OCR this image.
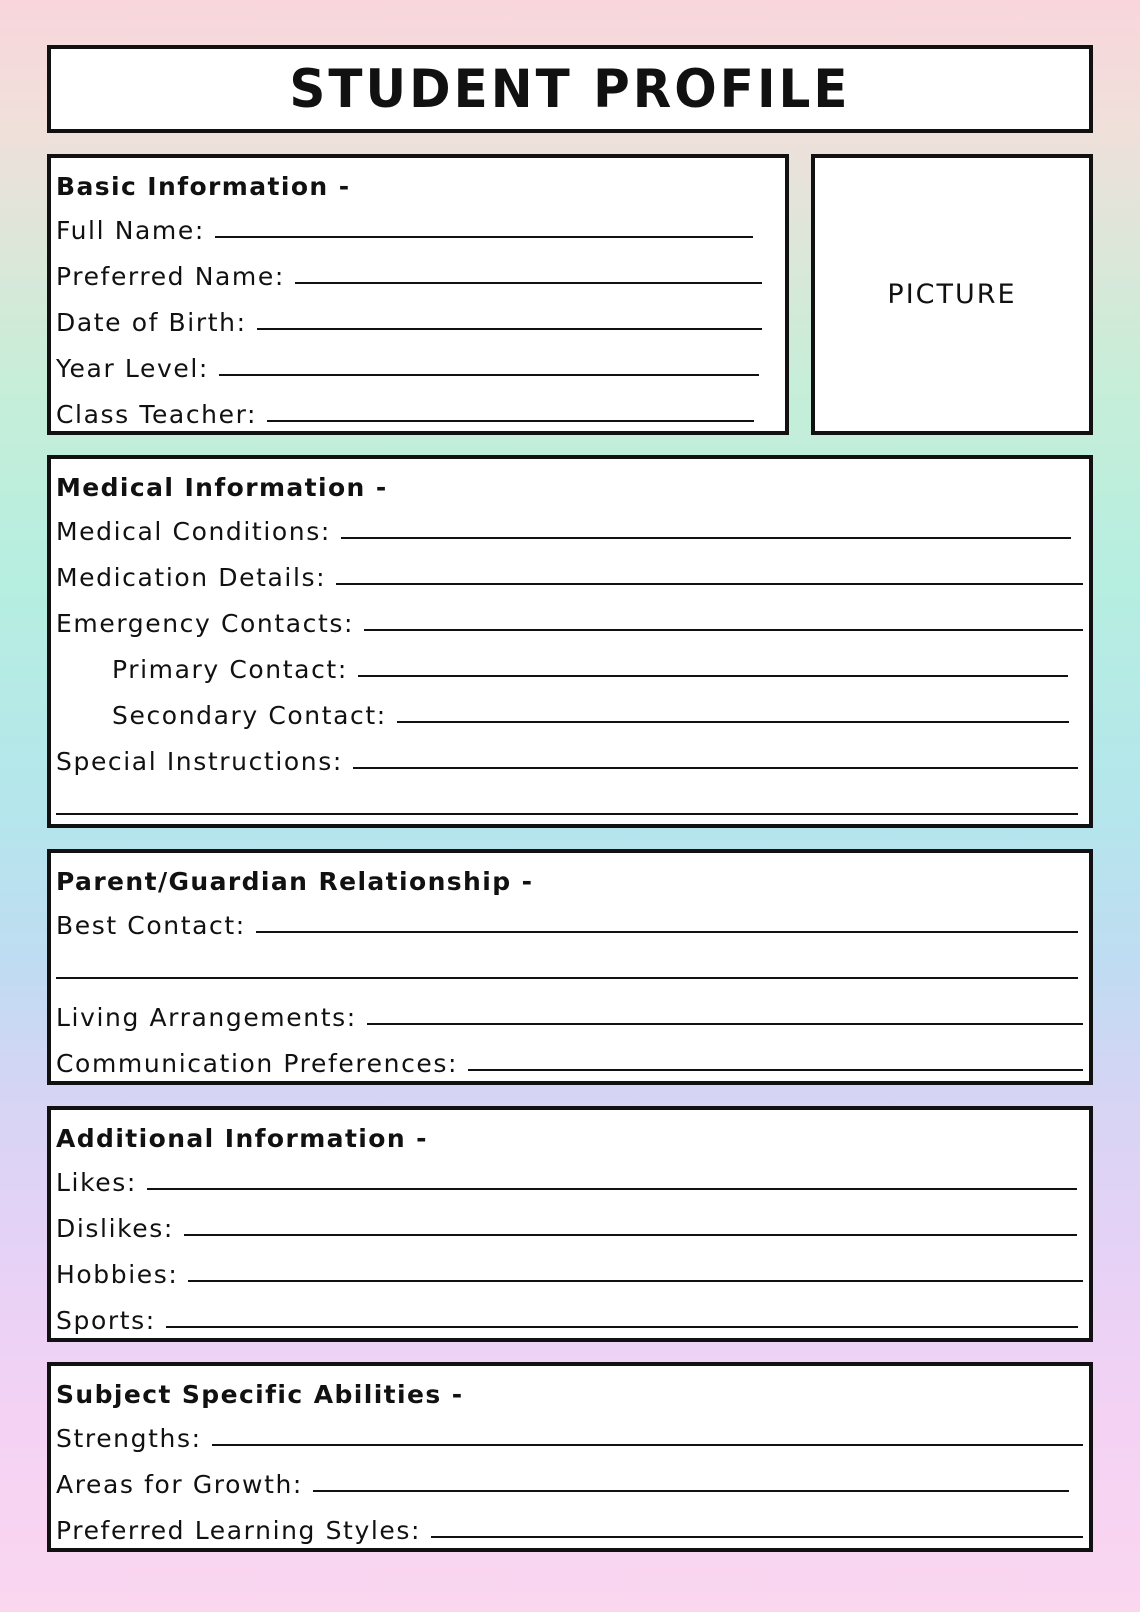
STUDENT PROFILE
Basic Information -
Full Name:
Preferred Name:
Date of Birth:
Year Level:
Class Teacher:
PICTURE
Medical Information -
Medical Conditions:
Medication Details:
Emergency Contacts:
Primary Contact:
Secondary Contact:
Special Instructions:
Parent/Guardian Relationship -
Best Contact:
Living Arrangements:
Communication Preferences:
Additional Information -
Likes:
Dislikes:
Hobbies:
Sports:
Subject Specific Abilities -
Strengths:
Areas for Growth:
Preferred Learning Styles:
